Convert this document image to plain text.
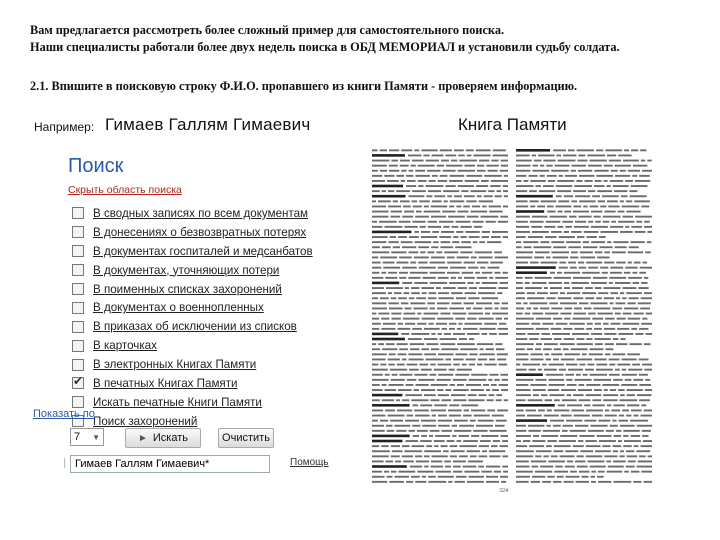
Вам предлагается рассмотреть более сложный пример для самостоятельного поиска.

Наши специалисты работали более двух недель поиска в ОБД МЕМОРИАЛ и установили судьбу солдата.

2.1. Впишите в поисковую строку Ф.И.О. пропавшего из книги Памяти - проверяем информацию.

Например: Гимаев Галлям Гимаевич	Книга Памяти
Поиск
Скрыть область поиска
В сводных записях по всем документам
В донесениях о безвозвратных потерях
В документах госпиталей и медсанбатов
В документах, уточняющих потери
В поименных списках захоронений
В документах о военнопленных
В приказах об исключении из списков
В карточках
В электронных Книгах Памяти
✔
В печатных Книгах Памяти
Искать печатные Книги Памяти
Поиск захоронений
Гимаев Галлям Гимаевич*
Показать по
7 ▼	► Искать	Очистить
Помощь
324
